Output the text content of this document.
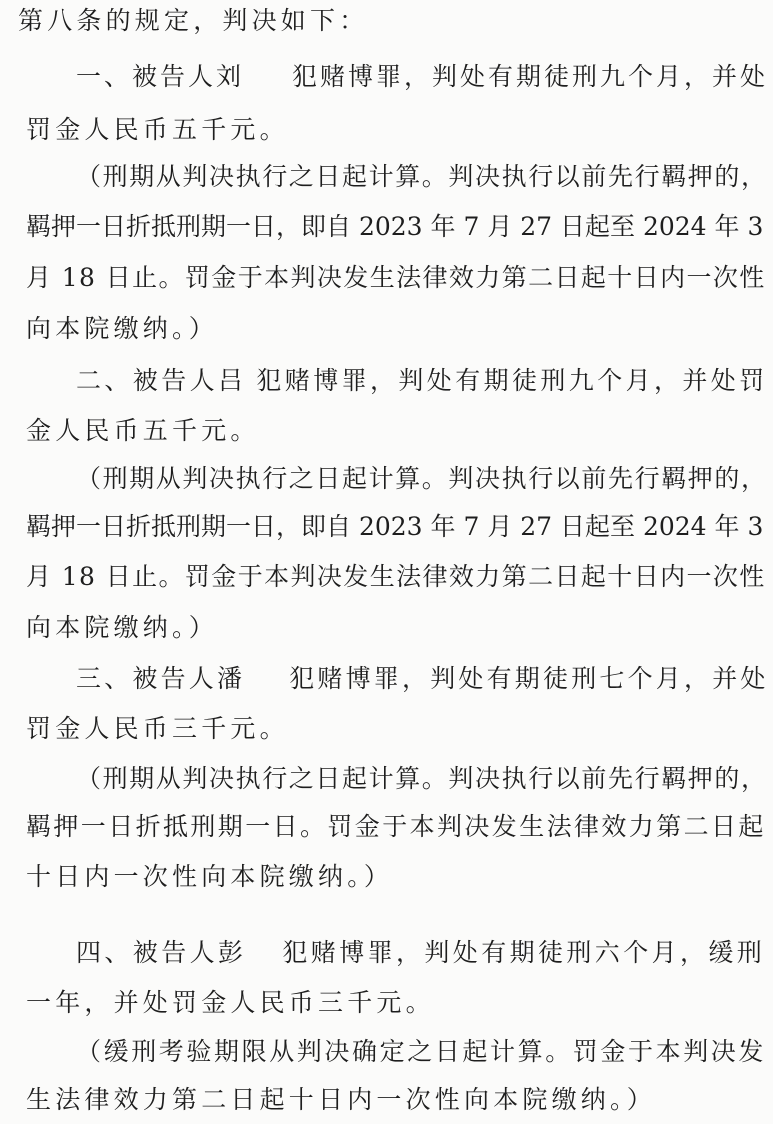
第八条的规定，判决如下：
一、被告人刘 犯赌博罪，判处有期徒刑九个月，并处
罚金人民币五千元。
（刑期从判决执行之日起计算。判决执行以前先行羁押的，
羁押一日折抵刑期一日，即自 2023 年 7 月 27 日起至 2024 年 3
月 18 日止。罚金于本判决发生法律效力第二日起十日内一次性
向本院缴纳。）
二、被告人吕 犯赌博罪，判处有期徒刑九个月，并处罚
金人民币五千元。
（刑期从判决执行之日起计算。判决执行以前先行羁押的，
羁押一日折抵刑期一日，即自 2023 年 7 月 27 日起至 2024 年 3
月 18 日止。罚金于本判决发生法律效力第二日起十日内一次性
向本院缴纳。）
三、被告人潘 犯赌博罪，判处有期徒刑七个月，并处
罚金人民币三千元。
（刑期从判决执行之日起计算。判决执行以前先行羁押的，
羁押一日折抵刑期一日。罚金于本判决发生法律效力第二日起
十日内一次性向本院缴纳。）
四、被告人彭 犯赌博罪，判处有期徒刑六个月，缓刑
一年，并处罚金人民币三千元。
（缓刑考验期限从判决确定之日起计算。罚金于本判决发
生法律效力第二日起十日内一次性向本院缴纳。）
